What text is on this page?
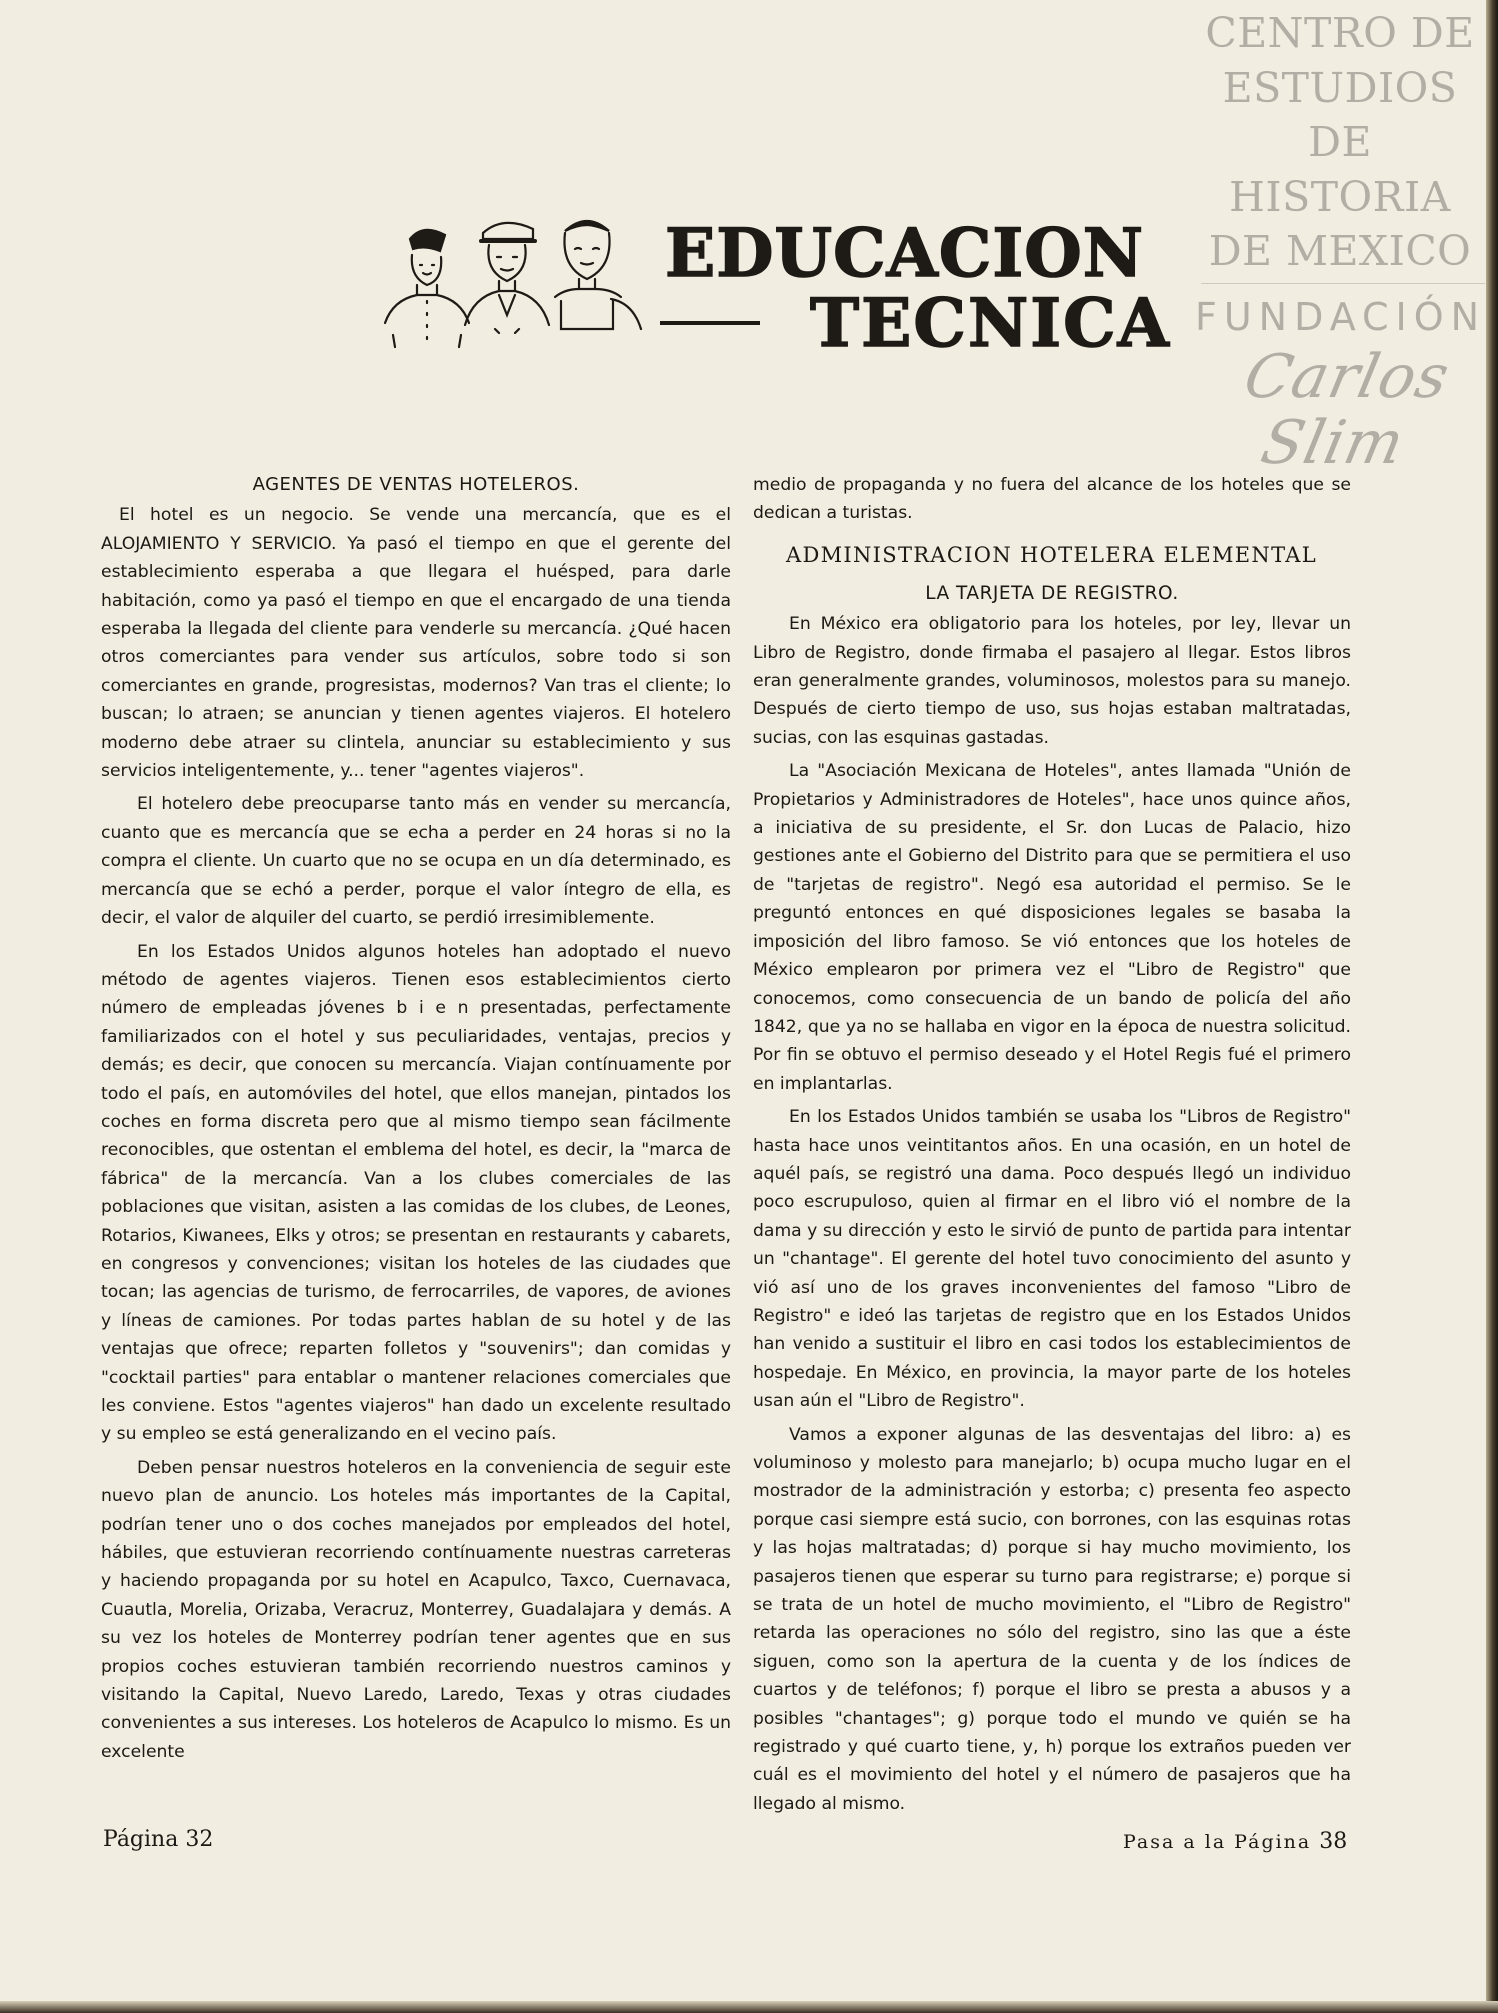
CENTRO DE
ESTUDIOS
DE HISTORIA
DE MEXICO
FUNDACIÓN
Carlos Slim
EDUCACION
TECNICA
AGENTES DE VENTAS HOTELEROS.

El hotel es un negocio. Se vende una mercancía, que es el ALOJAMIENTO Y SERVICIO. Ya pasó el tiempo en que el gerente del establecimiento esperaba a que llegara el huésped, para darle habitación, como ya pasó el tiempo en que el encargado de una tienda esperaba la llegada del cliente para venderle su mercancía. ¿Qué hacen otros comerciantes para vender sus artículos, sobre todo si son comerciantes en grande, progresistas, modernos? Van tras el cliente; lo buscan; lo atraen; se anuncian y tienen agentes viajeros. El hotelero moderno debe atraer su clintela, anunciar su establecimiento y sus servicios inteligentemente, y... tener "agentes viajeros".

El hotelero debe preocuparse tanto más en vender su mercancía, cuanto que es mercancía que se echa a perder en 24 horas si no la compra el cliente. Un cuarto que no se ocupa en un día determinado, es mercancía que se echó a perder, porque el valor íntegro de ella, es decir, el valor de alquiler del cuarto, se perdió irresimiblemente.

En los Estados Unidos algunos hoteles han adoptado el nuevo método de agentes viajeros. Tienen esos establecimientos cierto número de empleadas jóvenes b i e n presentadas, perfectamente familiarizados con el hotel y sus peculiaridades, ventajas, precios y demás; es decir, que conocen su mercancía. Viajan contínuamente por todo el país, en automóviles del hotel, que ellos manejan, pintados los coches en forma discreta pero que al mismo tiempo sean fácilmente reconocibles, que ostentan el emblema del hotel, es decir, la "marca de fábrica" de la mercancía. Van a los clubes comerciales de las poblaciones que visitan, asisten a las comidas de los clubes, de Leones, Rotarios, Kiwanees, Elks y otros; se presentan en restaurants y cabarets, en congresos y convenciones; visitan los hoteles de las ciudades que tocan; las agencias de turismo, de ferrocarriles, de vapores, de aviones y líneas de camiones. Por todas partes hablan de su hotel y de las ventajas que ofrece; reparten folletos y "souvenirs"; dan comidas y "cocktail parties" para entablar o mantener relaciones comerciales que les conviene. Estos "agentes viajeros" han dado un excelente resultado y su empleo se está generalizando en el vecino país.

Deben pensar nuestros hoteleros en la conveniencia de seguir este nuevo plan de anuncio. Los hoteles más importantes de la Capital, podrían tener uno o dos coches manejados por empleados del hotel, hábiles, que estuvieran recorriendo contínuamente nuestras carreteras y haciendo propaganda por su hotel en Acapulco, Taxco, Cuernavaca, Cuautla, Morelia, Orizaba, Veracruz, Monterrey, Guadalajara y demás. A su vez los hoteles de Monterrey podrían tener agentes que en sus propios coches estuvieran también recorriendo nuestros caminos y visitando la Capital, Nuevo Laredo, Laredo, Texas y otras ciudades convenientes a sus intereses. Los hoteleros de Acapulco lo mismo. Es un excelente

medio de propaganda y no fuera del alcance de los hoteles que se dedican a turistas.

ADMINISTRACION HOTELERA ELEMENTAL
LA TARJETA DE REGISTRO.

En México era obligatorio para los hoteles, por ley, llevar un Libro de Registro, donde firmaba el pasajero al llegar. Estos libros eran generalmente grandes, voluminosos, molestos para su manejo. Después de cierto tiempo de uso, sus hojas estaban maltratadas, sucias, con las esquinas gastadas.

La "Asociación Mexicana de Hoteles", antes llamada "Unión de Propietarios y Administradores de Hoteles", hace unos quince años, a iniciativa de su presidente, el Sr. don Lucas de Palacio, hizo gestiones ante el Gobierno del Distrito para que se permitiera el uso de "tarjetas de registro". Negó esa autoridad el permiso. Se le preguntó entonces en qué disposiciones legales se basaba la imposición del libro famoso. Se vió entonces que los hoteles de México emplearon por primera vez el "Libro de Registro" que conocemos, como consecuencia de un bando de policía del año 1842, que ya no se hallaba en vigor en la época de nuestra solicitud. Por fin se obtuvo el permiso deseado y el Hotel Regis fué el primero en implantarlas.

En los Estados Unidos también se usaba los "Libros de Registro" hasta hace unos veintitantos años. En una ocasión, en un hotel de aquél país, se registró una dama. Poco después llegó un individuo poco escrupuloso, quien al firmar en el libro vió el nombre de la dama y su dirección y esto le sirvió de punto de partida para intentar un "chantage". El gerente del hotel tuvo conocimiento del asunto y vió así uno de los graves inconvenientes del famoso "Libro de Registro" e ideó las tarjetas de registro que en los Estados Unidos han venido a sustituir el libro en casi todos los establecimientos de hospedaje. En México, en provincia, la mayor parte de los hoteles usan aún el "Libro de Registro".

Vamos a exponer algunas de las desventajas del libro: a) es voluminoso y molesto para manejarlo; b) ocupa mucho lugar en el mostrador de la administración y estorba; c) presenta feo aspecto porque casi siempre está sucio, con borrones, con las esquinas rotas y las hojas maltratadas; d) porque si hay mucho movimiento, los pasajeros tienen que esperar su turno para registrarse; e) porque si se trata de un hotel de mucho movimiento, el "Libro de Registro" retarda las operaciones no sólo del registro, sino las que a éste siguen, como son la apertura de la cuenta y de los índices de cuartos y de teléfonos; f) porque el libro se presta a abusos y a posibles "chantages"; g) porque todo el mundo ve quién se ha registrado y qué cuarto tiene, y, h) porque los extraños pueden ver cuál es el movimiento del hotel y el número de pasajeros que ha llegado al mismo.

Página 32	Pasa a la Página 38
